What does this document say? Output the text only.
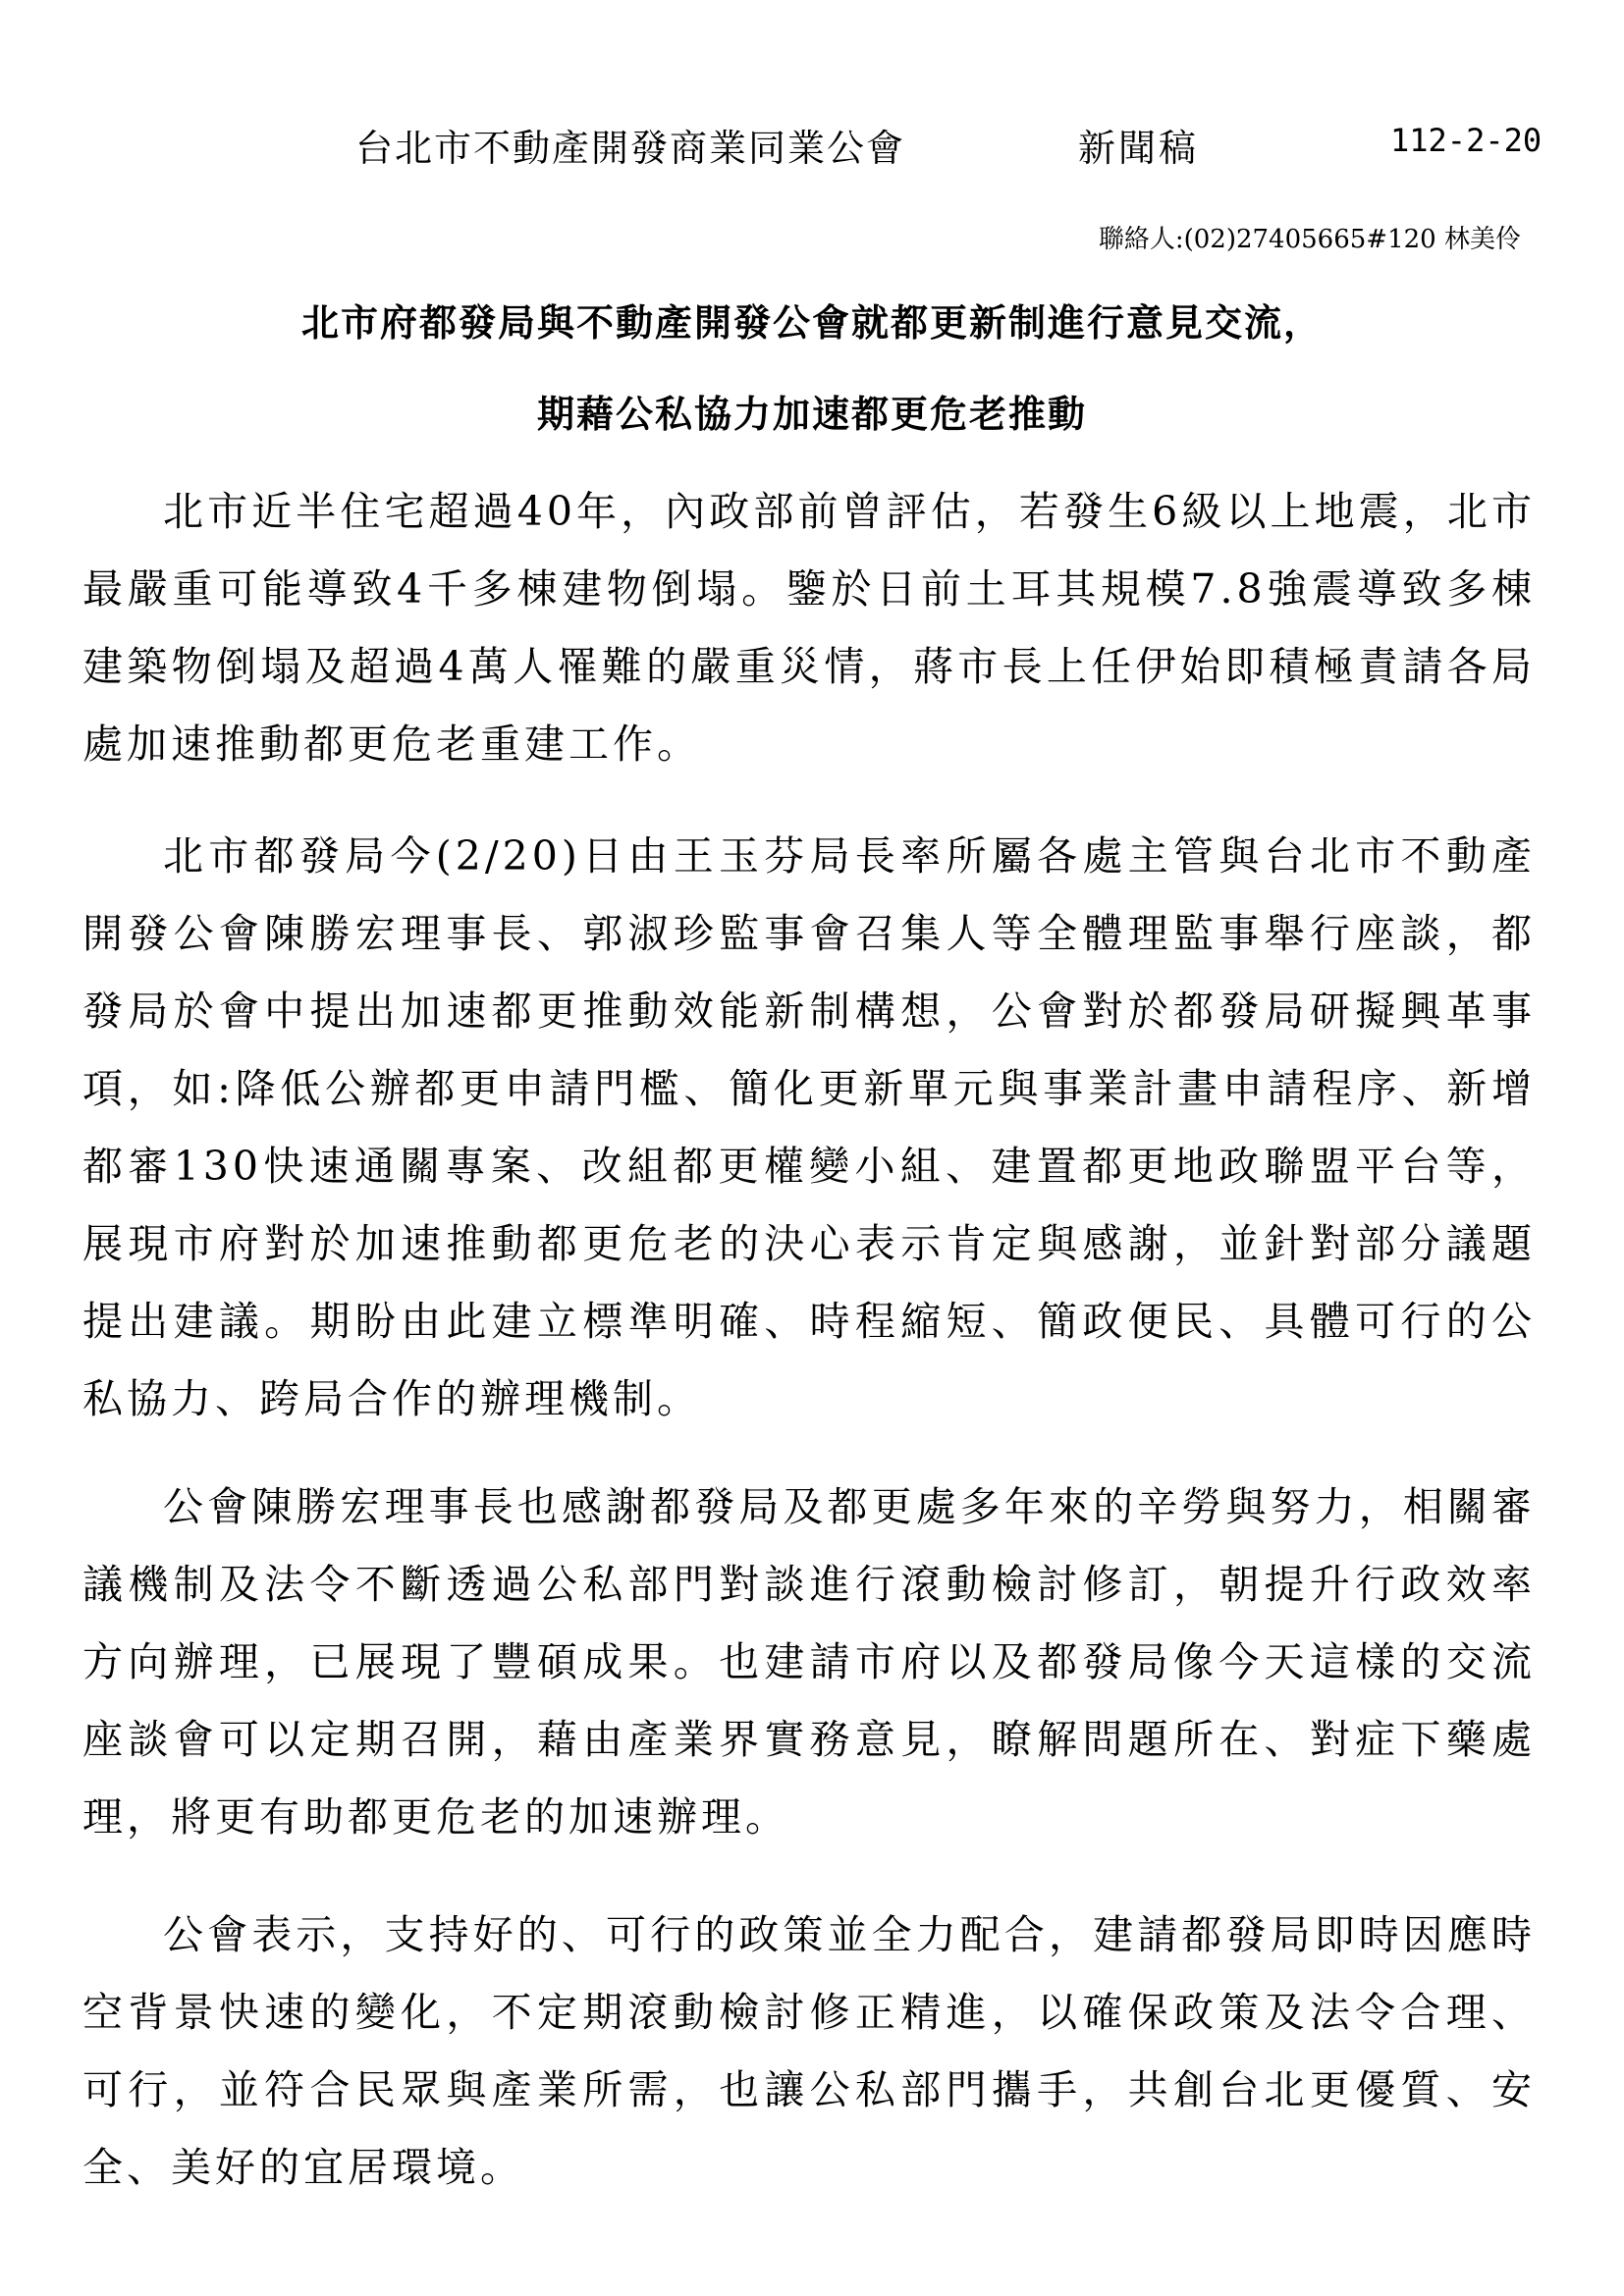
台北市不動產開發商業同業公會	新聞稿	112-2-20
聯絡人:(02)27405665#120 林美伶
北市府都發局與不動產開發公會就都更新制進行意見交流，
期藉公私協力加速都更危老推動

北市近半住宅超過40年，內政部前曾評估，若發生6級以上地震，北市最嚴重可能導致4千多棟建物倒塌。鑒於日前土耳其規模7.8強震導致多棟建築物倒塌及超過4萬人罹難的嚴重災情，蔣市長上任伊始即積極責請各局處加速推動都更危老重建工作。

北市都發局今(2/20)日由王玉芬局長率所屬各處主管與台北市不動產開發公會陳勝宏理事長、郭淑珍監事會召集人等全體理監事舉行座談，都發局於會中提出加速都更推動效能新制構想，公會對於都發局研擬興革事項，如:降低公辦都更申請門檻、簡化更新單元與事業計畫申請程序、新增都審130快速通關專案、改組都更權變小組、建置都更地政聯盟平台等，展現市府對於加速推動都更危老的決心表示肯定與感謝，並針對部分議題提出建議。期盼由此建立標準明確、時程縮短、簡政便民、具體可行的公私協力、跨局合作的辦理機制。

公會陳勝宏理事長也感謝都發局及都更處多年來的辛勞與努力，相關審議機制及法令不斷透過公私部門對談進行滾動檢討修訂，朝提升行政效率方向辦理，已展現了豐碩成果。也建請市府以及都發局像今天這樣的交流座談會可以定期召開，藉由產業界實務意見，瞭解問題所在、對症下藥處理，將更有助都更危老的加速辦理。

公會表示，支持好的、可行的政策並全力配合，建請都發局即時因應時空背景快速的變化，不定期滾動檢討修正精進，以確保政策及法令合理、可行，並符合民眾與產業所需，也讓公私部門攜手，共創台北更優質、安全、美好的宜居環境。
